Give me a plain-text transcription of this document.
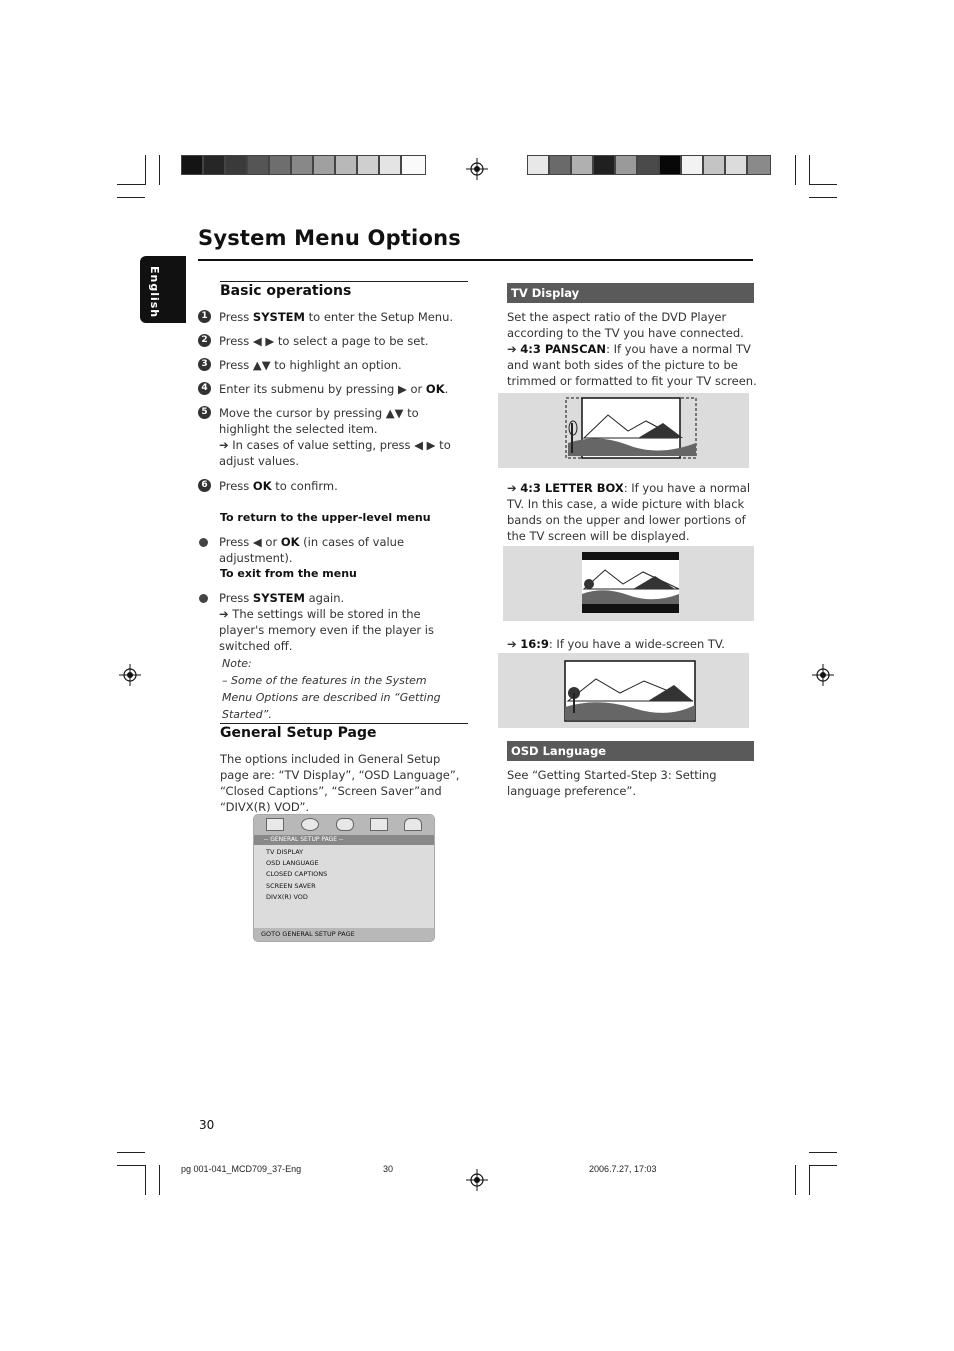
System Menu Options
English	Basic operations
1 Press SYSTEM to enter the Setup Menu.
2 Press ◀ ▶ to select a page to be set.
3 Press ▲▼ to highlight an option.
4 Enter its submenu by pressing ▶ or OK.
5 Move the cursor by pressing ▲▼ to highlight the selected item.
➔ In cases of value setting, press ◀ ▶ to adjust values.
6 Press OK to confirm.
To return to the upper-level menu
Press ◀ or OK (in cases of value adjustment).
To exit from the menu
Press SYSTEM again.
➔ The settings will be stored in the player's memory even if the player is switched off.
Note:
– Some of the features in the System Menu Options are described in “Getting Started”.
General Setup Page
The options included in General Setup page are: “TV Display”, “OSD Language”, “Closed Captions”, “Screen Saver”and “DIVX(R) VOD”.
-- GENERAL SETUP PAGE --
TV DISPLAY
OSD LANGUAGE
CLOSED CAPTIONS
SCREEN SAVER
DIVX(R) VOD
GOTO GENERAL SETUP PAGE
TV Display
Set the aspect ratio of the DVD Player according to the TV you have connected.
➔ 4:3 PANSCAN: If you have a normal TV and want both sides of the picture to be trimmed or formatted to fit your TV screen.
➔ 4:3 LETTER BOX: If you have a normal TV. In this case, a wide picture with black bands on the upper and lower portions of the TV screen will be displayed.
➔ 16:9: If you have a wide-screen TV.
OSD Language
See “Getting Started-Step 3: Setting language preference”.
30
pg 001-041_MCD709_37-Eng	30	2006.7.27, 17:03
